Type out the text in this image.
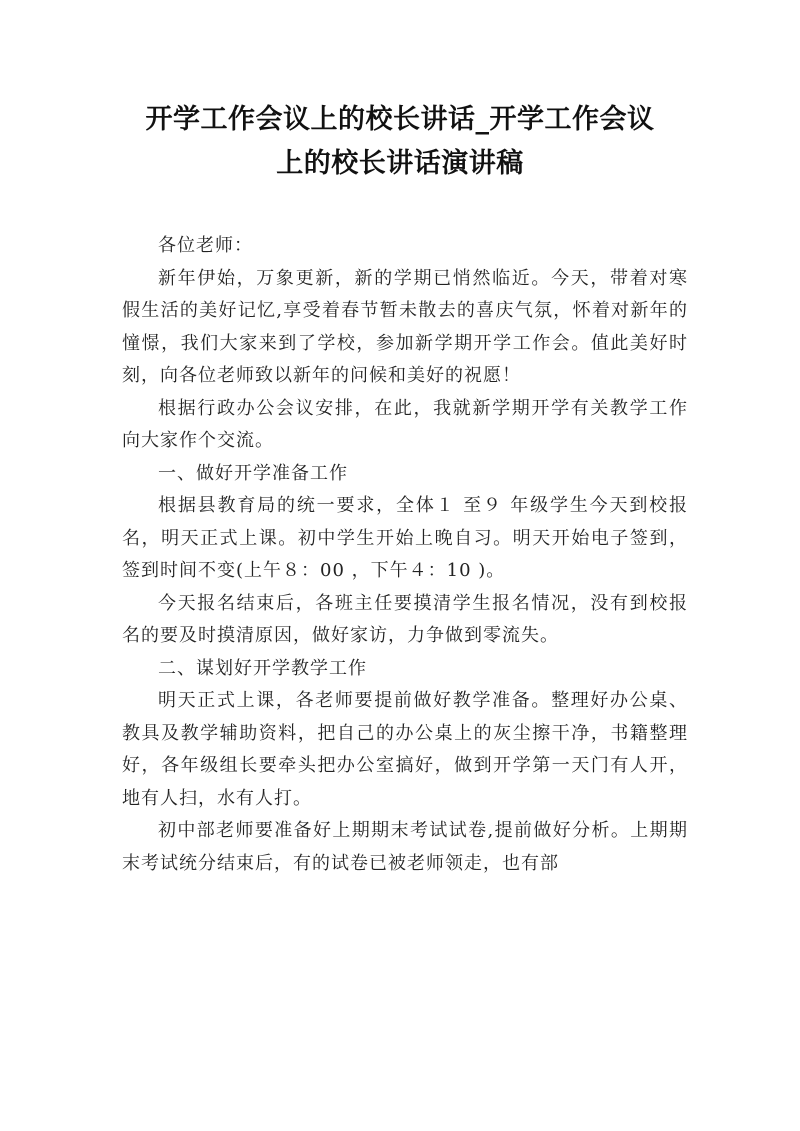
开学工作会议上的校长讲话_开学工作会议
上的校长讲话演讲稿

各位老师：

新年伊始，万象更新，新的学期已悄然临近。今天，带着对寒假生活的美好记忆,享受着春节暂未散去的喜庆气氛，怀着对新年的憧憬，我们大家来到了学校，参加新学期开学工作会。值此美好时刻，向各位老师致以新年的问候和美好的祝愿！

根据行政办公会议安排，在此，我就新学期开学有关教学工作向大家作个交流。

一、做好开学准备工作

根据县教育局的统一要求，全体１ 至９ 年级学生今天到校报名，明天正式上课。初中学生开始上晚自习。明天开始电子签到，签到时间不变(上午８：00 ，下午４：10 )。

今天报名结束后，各班主任要摸清学生报名情况，没有到校报名的要及时摸清原因，做好家访，力争做到零流失。

二、谋划好开学教学工作

明天正式上课，各老师要提前做好教学准备。整理好办公桌、教具及教学辅助资料，把自己的办公桌上的灰尘擦干净，书籍整理好，各年级组长要牵头把办公室搞好，做到开学第一天门有人开，地有人扫，水有人打。

初中部老师要准备好上期期末考试试卷,提前做好分析。上期期末考试统分结束后，有的试卷已被老师领走，也有部
